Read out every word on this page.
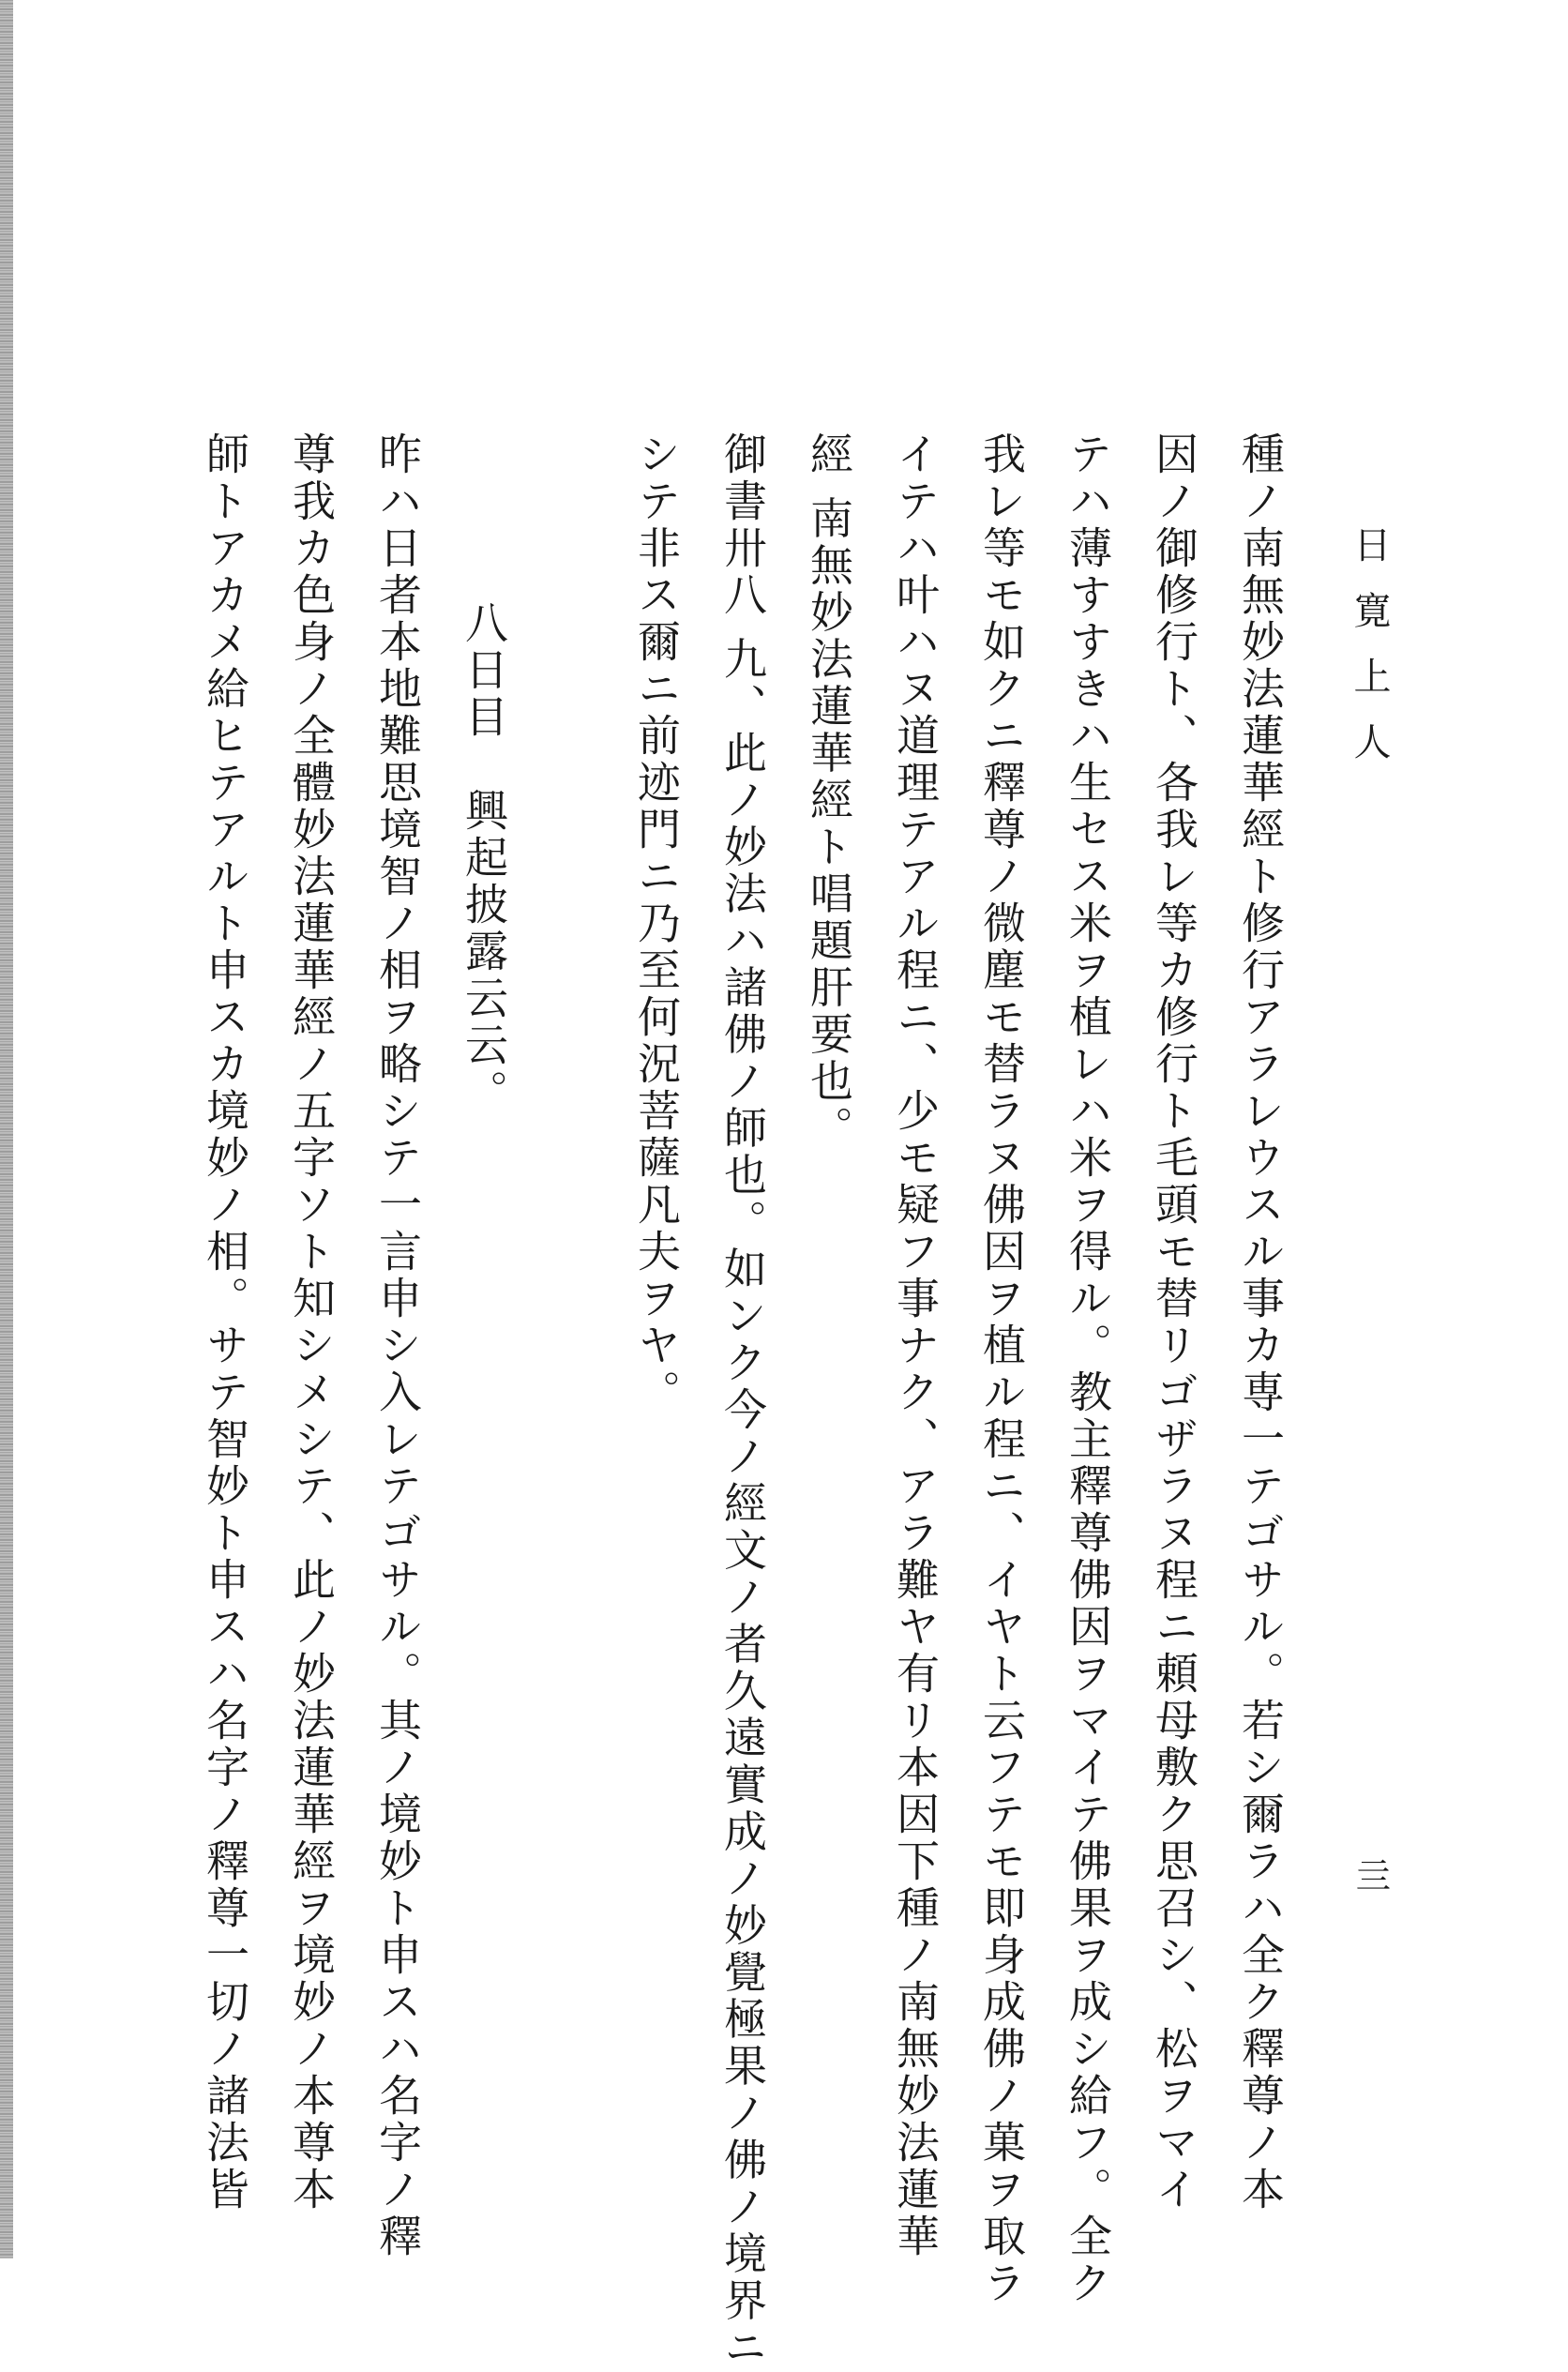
日寛上人
亖
種ノ南無妙法蓮華經ト修行アラレウスル事カ専一テゴサル。若シ爾ラハ全ク釋尊ノ本
因ノ御修行ト、各我レ等カ修行ト毛頭モ替リゴザラヌ程ニ頼母敷ク思召シ、松ヲマイ
テハ薄すすきハ生セス米ヲ植レハ米ヲ得ル。教主釋尊佛因ヲマイテ佛果ヲ成シ給フ。全ク
我レ等モ如クニ釋尊ノ微塵モ替ラヌ佛因ヲ植ル程ニ、イヤト云フテモ即身成佛ノ菓ヲ取ラ
イテハ叶ハヌ道理テアル程ニ、少モ疑フ事ナク、アラ難ヤ有リ本因下種ノ南無妙法蓮華
經 南無妙法蓮華經ト唱題肝要也。
御書卅八 九、此ノ妙法ハ諸佛ノ師也。如ンク今ノ經文ノ者久遠實成ノ妙覺極果ノ佛ノ境界ニ
シテ非ス爾ニ前迹門ニ乃至何況菩薩凡夫ヲヤ。
八日目　興起披露云云。
昨ハ日者本地難思境智ノ相ヲ略シテ一言申シ入レテゴサル。其ノ境妙ト申スハ名字ノ釋
尊我カ色身ノ全體妙法蓮華經ノ五字ソト知シメシテ、此ノ妙法蓮華經ヲ境妙ノ本尊本
師トアカメ給ヒテアルト申スカ境妙ノ相。サテ智妙ト申スハ名字ノ釋尊一切ノ諸法皆
